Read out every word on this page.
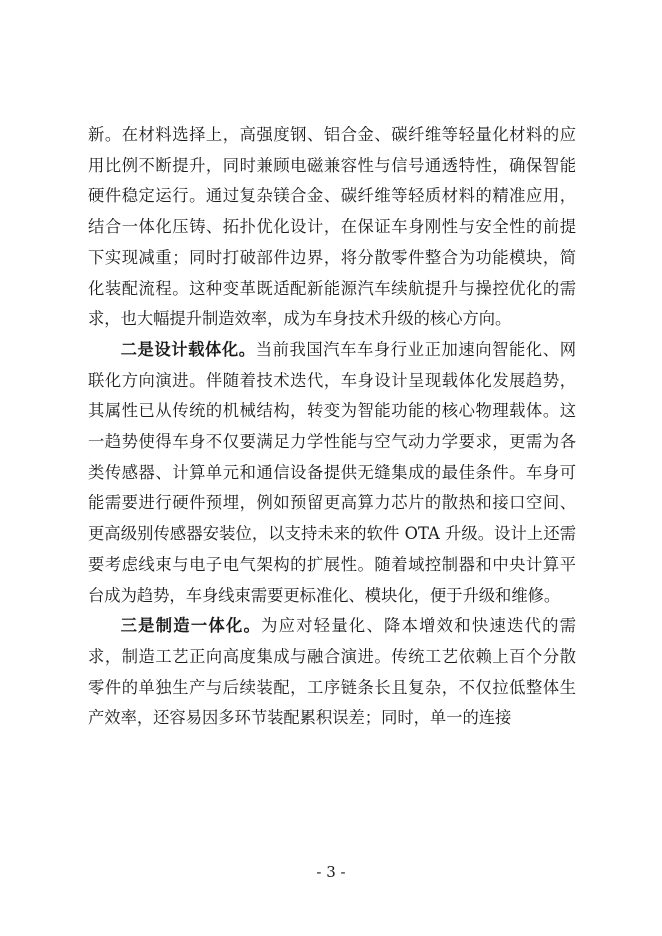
新。在材料选择上，高强度钢、铝合金、碳纤维等轻量化材料的应用比例不断提升，同时兼顾电磁兼容性与信号通透特性，确保智能硬件稳定运行。通过复杂镁合金、碳纤维等轻质材料的精准应用，结合一体化压铸、拓扑优化设计，在保证车身刚性与安全性的前提下实现减重；同时打破部件边界，将分散零件整合为功能模块，简化装配流程。这种变革既适配新能源汽车续航提升与操控优化的需求，也大幅提升制造效率，成为车身技术升级的核心方向。

二是设计载体化。当前我国汽车车身行业正加速向智能化、网联化方向演进。伴随着技术迭代，车身设计呈现载体化发展趋势，其属性已从传统的机械结构，转变为智能功能的核心物理载体。这一趋势使得车身不仅要满足力学性能与空气动力学要求，更需为各类传感器、计算单元和通信设备提供无缝集成的最佳条件。车身可能需要进行硬件预埋，例如预留更高算力芯片的散热和接口空间、更高级别传感器安装位，以支持未来的软件 OTA 升级。设计上还需要考虑线束与电子电气架构的扩展性。随着域控制器和中央计算平台成为趋势，车身线束需要更标准化、模块化，便于升级和维修。

三是制造一体化。为应对轻量化、降本增效和快速迭代的需求，制造工艺正向高度集成与融合演进。传统工艺依赖上百个分散零件的单独生产与后续装配，工序链条长且复杂，不仅拉低整体生产效率，还容易因多环节装配累积误差；同时，单一的连接

- 3 -
